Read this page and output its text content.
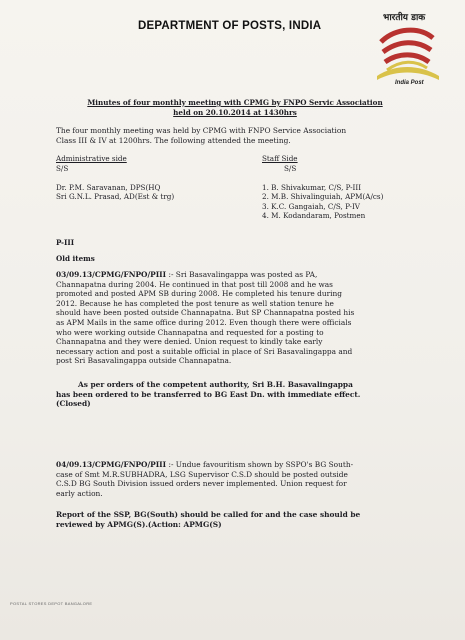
DEPARTMENT OF POSTS, INDIA
भारतीय डाक
India Post
Minutes of four monthly meeting with CPMG by FNPO Servic Association
held on 20.10.2014 at 1430hrs
The four monthly meeting was held by CPMG with FNPO Service Association
Class III & IV at 1200hrs. The following attended the meeting.
Administrative side
S/S
Dr. P.M. Saravanan, DPS(HQ
Sri G.N.L. Prasad, AD(Est & trg)
Staff Side
S/S
1. B. Shivakumar, C/S, P-III
2. M.B. Shivalinguiah, APM(A/cs)
3. K.C. Gangaiah, C/S, P-IV
4. M. Kodandaram, Postmen
P-III
Old items
03/09.13/CPMG/FNPO/PIII :- Sri Basavalingappa was posted as PA,
Channapatna during 2004. He continued in that post till 2008 and he was
promoted and posted APM SB during 2008. He completed his tenure during
2012. Because he has completed the post tenure as well station tenure he
should have been posted outside Channapatna. But SP Channapatna posted his
as APM Mails in the same office during 2012. Even though there were officials
who were working outside Channapatna and requested for a posting to
Channapatna and they were denied. Union request to kindly take early
necessary action and post a suitable official in place of Sri Basavalingappa and
post Sri Basavalingappa outside Channapatna.
As per orders of the competent authority, Sri B.H. Basavalingappa
has been ordered to be transferred to BG East Dn. with immediate effect.
(Closed)
04/09.13/CPMG/FNPO/PIII :- Undue favouritism shown by SSPO's BG South-
case of Smt M.R.SUBHADRA, LSG Supervisor C.S.D should be posted outside
C.S.D BG South Division issued orders never implemented. Union request for
early action.
Report of the SSP, BG(South) should be called for and the case should be
reviewed by APMG(S).(Action: APMG(S)
POSTAL STORES DEPOT BANGALORE
